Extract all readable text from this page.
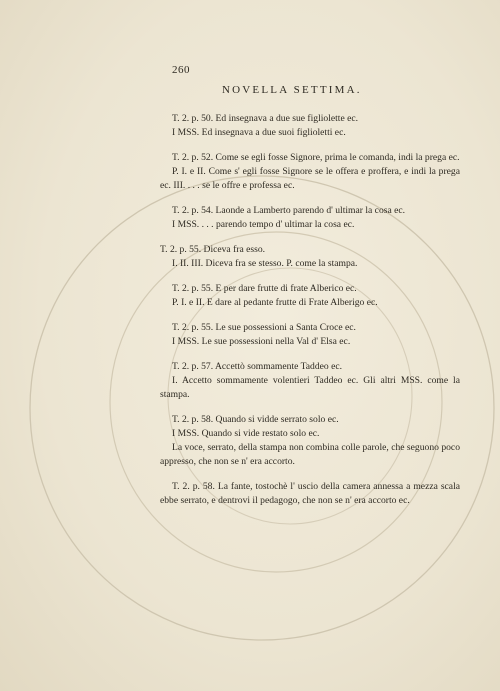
260
NOVELLA SETTIMA.
T. 2. p. 50. Ed insegnava a due sue figliolette ec.
I MSS. Ed insegnava a due suoi figlioletti ec.
T. 2. p. 52. Come se egli fosse Signore, prima le comanda, indi la prega ec.
P. I. e II. Come s' egli fosse Signore se le offera e proffera, e indi la prega ec. III. . . . se le offre e professa ec.
T. 2. p. 54. Laonde a Lamberto parendo d' ultimar la cosa ec.
I MSS. . . . parendo tempo d' ultimar la cosa ec.
T. 2. p. 55. Diceva fra esso.
I. II. III. Diceva fra se stesso. P. come la stampa.
T. 2. p. 55. E per dare frutte di frate Alberico ec.
P. I. e II. E dare al pedante frutte di Frate Alberigo ec.
T. 2. p. 55. Le sue possessioni a Santa Croce ec.
I MSS. Le sue possessioni nella Val d' Elsa ec.
T. 2. p. 57. Accettò sommamente Taddeo ec.
I. Accetto sommamente volentieri Taddeo ec. Gli altri MSS. come la stampa.
T. 2. p. 58. Quando si vidde serrato solo ec.
I MSS. Quando si vide restato solo ec.
La voce, serrato, della stampa non combina colle parole, che seguono poco appresso, che non se n' era accorto.
T. 2. p. 58. La fante, tostochè l' uscio della camera annessa a mezza scala ebbe serrato, e dentrovi il pedagogo, che non se n' era accorto ec.
